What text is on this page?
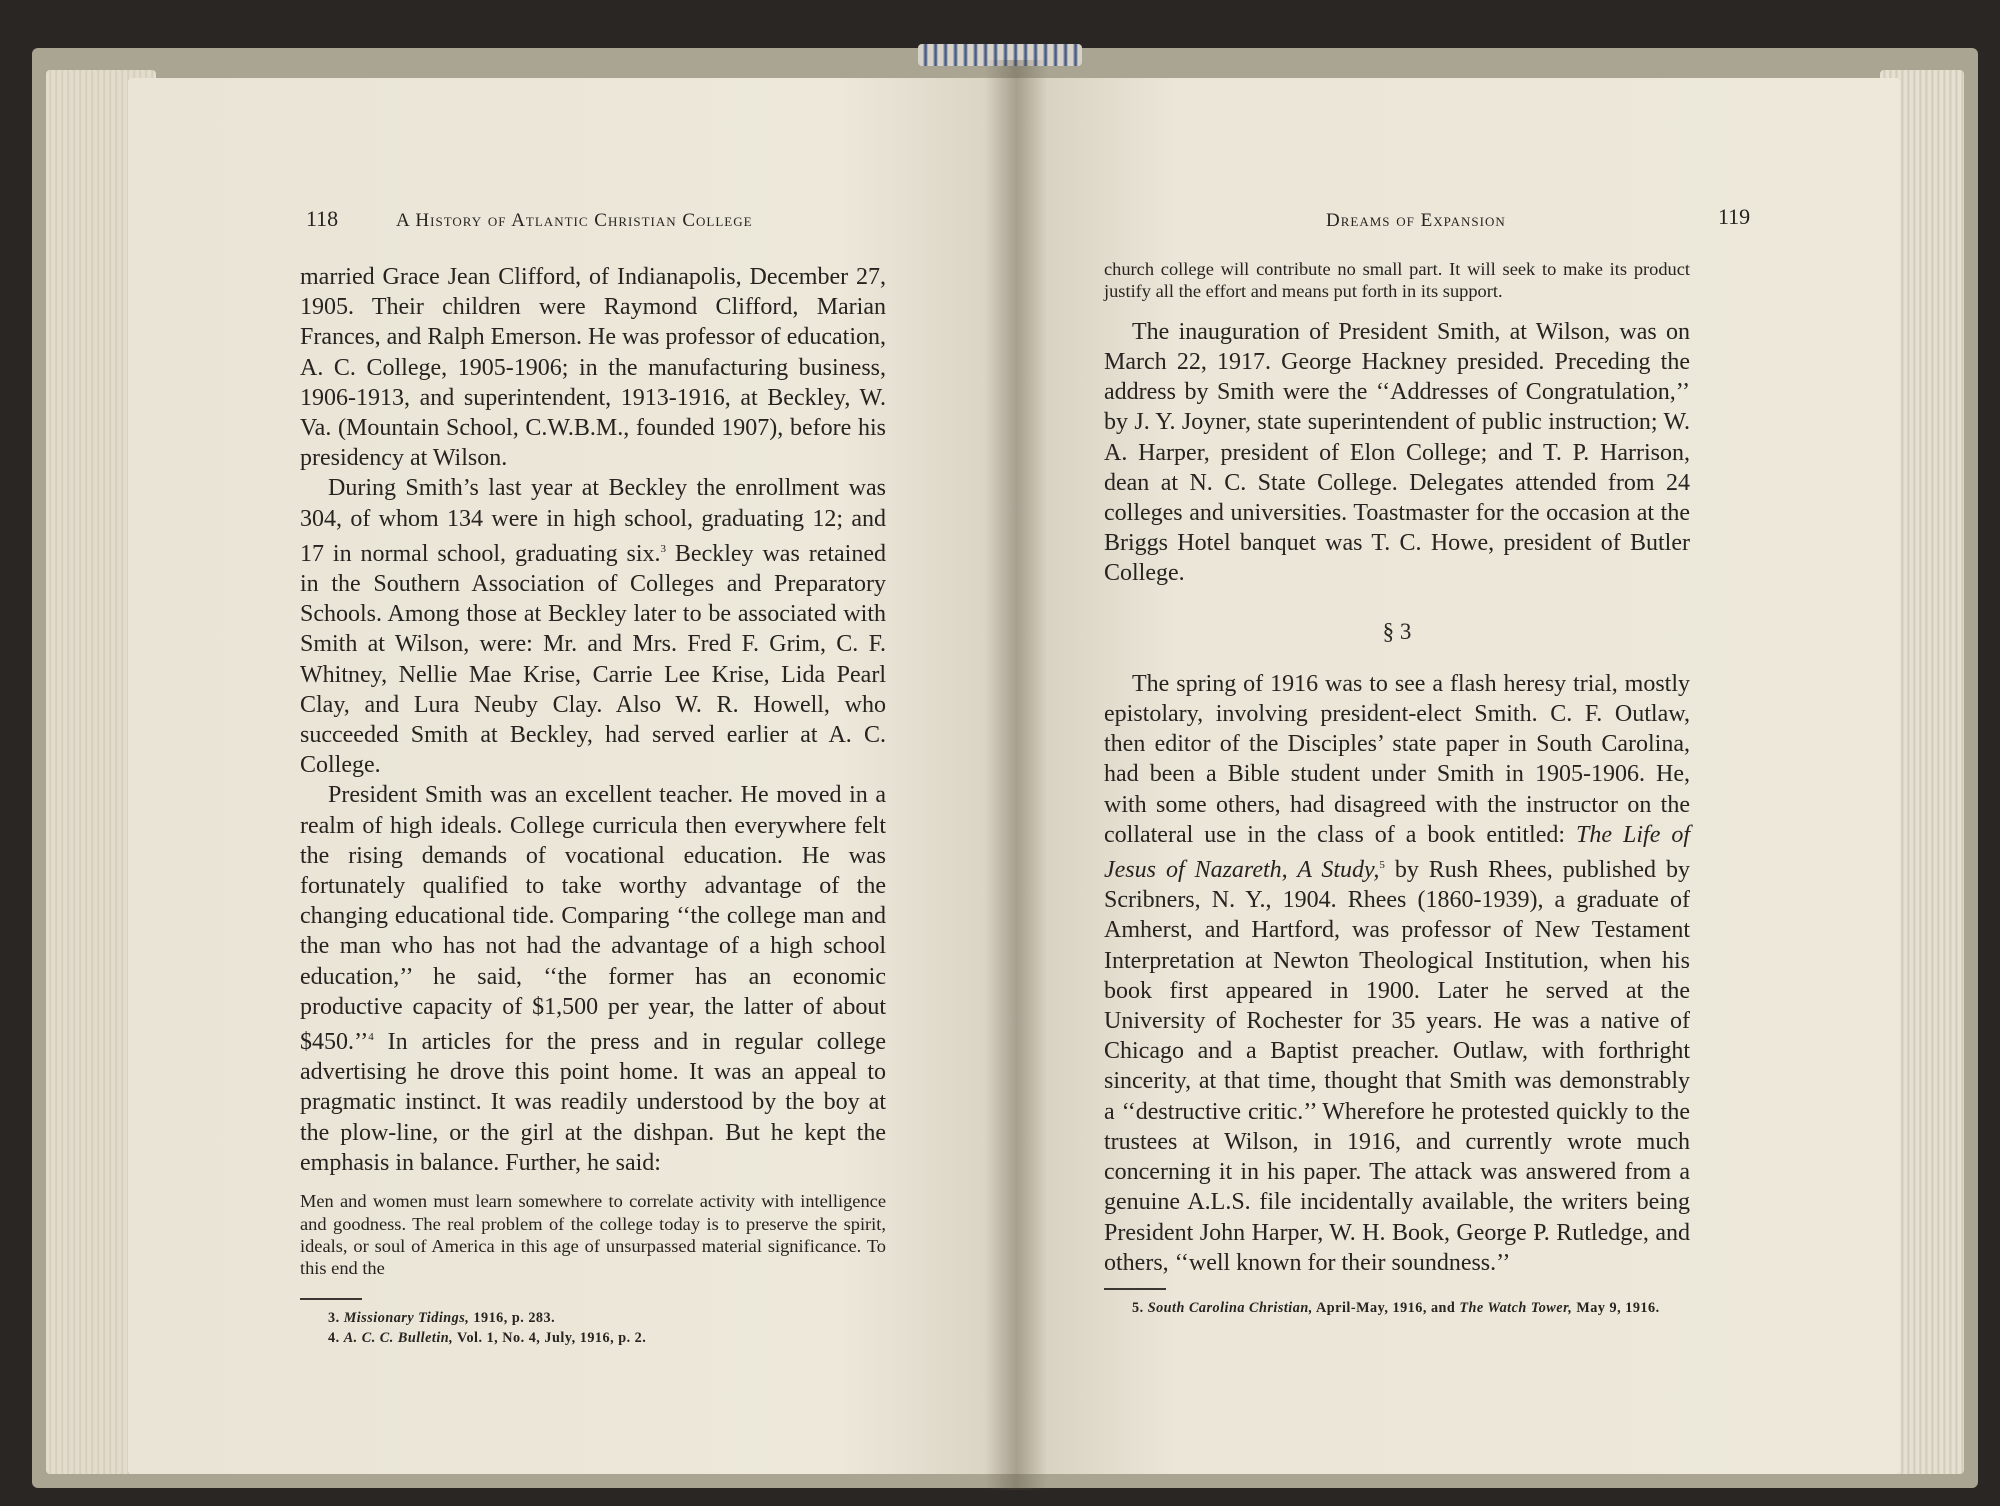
118	A History of Atlantic Christian College

married Grace Jean Clifford, of Indianapolis, December 27, 1905. Their children were Raymond Clifford, Marian Frances, and Ralph Emerson. He was professor of education, A. C. College, 1905-1906; in the manufacturing business, 1906-1913, and superintendent, 1913-1916, at Beckley, W. Va. (Mountain School, C.W.B.M., founded 1907), before his presidency at Wilson.

During Smith’s last year at Beckley the enrollment was 304, of whom 134 were in high school, graduating 12; and 17 in normal school, graduating six.$^3$ Beckley was retained in the Southern Association of Colleges and Preparatory Schools. Among those at Beckley later to be associated with Smith at Wilson, were: Mr. and Mrs. Fred F. Grim, C. F. Whitney, Nellie Mae Krise, Carrie Lee Krise, Lida Pearl Clay, and Lura Neuby Clay. Also W. R. Howell, who succeeded Smith at Beckley, had served earlier at A. C. College.

President Smith was an excellent teacher. He moved in a realm of high ideals. College curricula then everywhere felt the rising demands of vocational education. He was fortunately qualified to take worthy advantage of the changing educational tide. Comparing ‘‘the college man and the man who has not had the advantage of a high school education,’’ he said, ‘‘the former has an economic productive capacity of $1,500 per year, the latter of about $450.’’$^4$ In articles for the press and in regular college advertising he drove this point home. It was an appeal to pragmatic instinct. It was readily understood by the boy at the plow-line, or the girl at the dishpan. But he kept the emphasis in balance. Further, he said:

Men and women must learn somewhere to correlate activity with intelligence and goodness. The real problem of the college today is to preserve the spirit, ideals, or soul of America in this age of unsurpassed material significance. To this end the

3. Missionary Tidings, 1916, p. 283.

4. A. C. C. Bulletin, Vol. 1, No. 4, July, 1916, p. 2.

Dreams of Expansion	119

church college will contribute no small part. It will seek to make its product justify all the effort and means put forth in its support.

The inauguration of President Smith, at Wilson, was on March 22, 1917. George Hackney presided. Preceding the address by Smith were the ‘‘Addresses of Congratulation,’’ by J. Y. Joyner, state superintendent of public instruction; W. A. Harper, president of Elon College; and T. P. Harrison, dean at N. C. State College. Delegates attended from 24 colleges and universities. Toastmaster for the occasion at the Briggs Hotel banquet was T. C. Howe, president of Butler College.

§ 3

The spring of 1916 was to see a flash heresy trial, mostly epistolary, involving president-elect Smith. C. F. Outlaw, then editor of the Disciples’ state paper in South Carolina, had been a Bible student under Smith in 1905-1906. He, with some others, had disagreed with the instructor on the collateral use in the class of a book entitled: The Life of Jesus of Nazareth, A Study,$^5$ by Rush Rhees, published by Scribners, N. Y., 1904. Rhees (1860-1939), a graduate of Amherst, and Hartford, was professor of New Testament Interpretation at Newton Theological Institution, when his book first appeared in 1900. Later he served at the University of Rochester for 35 years. He was a native of Chicago and a Baptist preacher. Outlaw, with forthright sincerity, at that time, thought that Smith was demonstrably a ‘‘destructive critic.’’ Wherefore he protested quickly to the trustees at Wilson, in 1916, and currently wrote much concerning it in his paper. The attack was answered from a genuine A.L.S. file incidentally available, the writers being President John Harper, W. H. Book, George P. Rutledge, and others, ‘‘well known for their soundness.’’

5. South Carolina Christian, April-May, 1916, and The Watch Tower, May 9, 1916.
